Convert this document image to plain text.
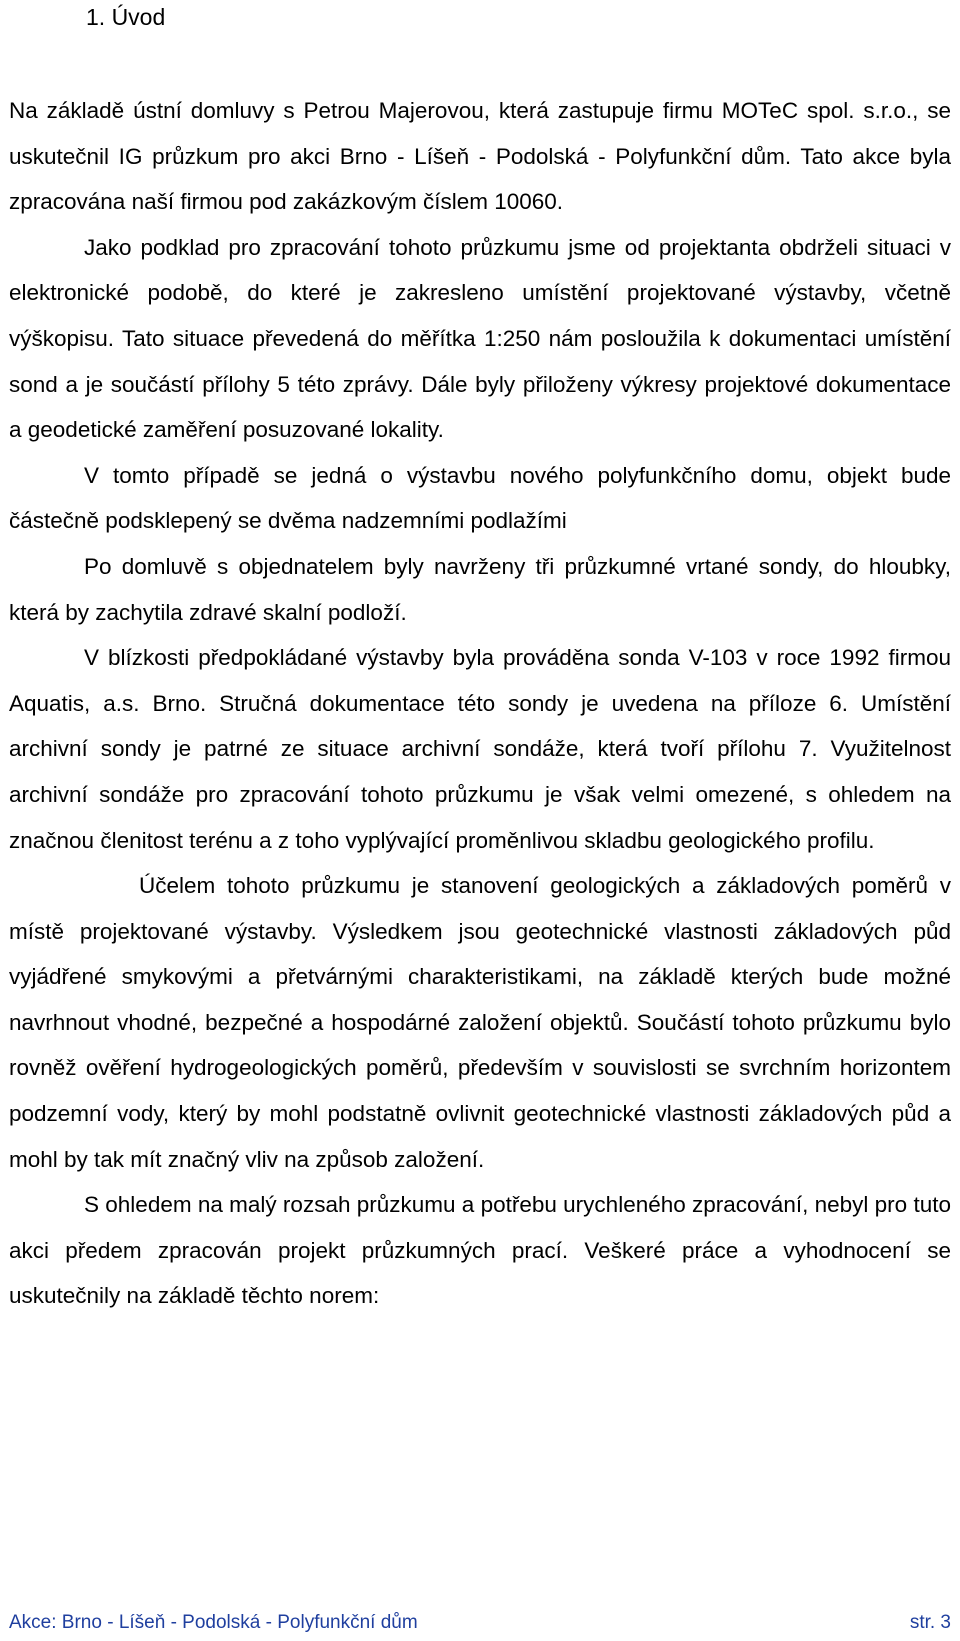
1. Úvod

Na základě ústní domluvy s Petrou Majerovou, která zastupuje firmu MOTeC spol. s.r.o., se uskutečnil IG průzkum pro akci Brno - Líšeň - Podolská - Polyfunkční dům. Tato akce byla zpracována naší firmou pod zakázkovým číslem 10060.

Jako podklad pro zpracování tohoto průzkumu jsme od projektanta obdrželi situaci v elektronické podobě, do které je zakresleno umístění projektované výstavby, včetně výškopisu. Tato situace převedená do měřítka 1:250 nám posloužila k dokumentaci umístění sond a je součástí přílohy 5 této zprávy. Dále byly přiloženy výkresy projektové dokumentace a geodetické zaměření posuzované lokality.

V tomto případě se jedná o výstavbu nového polyfunkčního domu, objekt bude částečně podsklepený se dvěma nadzemními podlažími

Po domluvě s objednatelem byly navrženy tři průzkumné vrtané sondy, do hloubky, která by zachytila zdravé skalní podloží.

V blízkosti předpokládané výstavby byla prováděna sonda V-103 v roce 1992 firmou Aquatis, a.s. Brno. Stručná dokumentace této sondy je uvedena na příloze 6. Umístění archivní sondy je patrné ze situace archivní sondáže, která tvoří přílohu 7. Využitelnost archivní sondáže pro zpracování tohoto průzkumu je však velmi omezené, s ohledem na značnou členitost terénu a z toho vyplývající proměnlivou skladbu geologického profilu.

Účelem tohoto průzkumu je stanovení geologických a základových poměrů v místě projektované výstavby. Výsledkem jsou geotechnické vlastnosti základových půd vyjádřené smykovými a přetvárnými charakteristikami, na základě kterých bude možné navrhnout vhodné, bezpečné a hospodárné založení objektů. Součástí tohoto průzkumu bylo rovněž ověření hydrogeologických poměrů, především v souvislosti se svrchním horizontem podzemní vody, který by mohl podstatně ovlivnit geotechnické vlastnosti základových půd a mohl by tak mít značný vliv na způsob založení.

S ohledem na malý rozsah průzkumu a potřebu urychleného zpracování, nebyl pro tuto akci předem zpracován projekt průzkumných prací. Veškeré práce a vyhodnocení se uskutečnily na základě těchto norem:

Akce: Brno - Líšeň - Podolská - Polyfunkční dům	str. 3
